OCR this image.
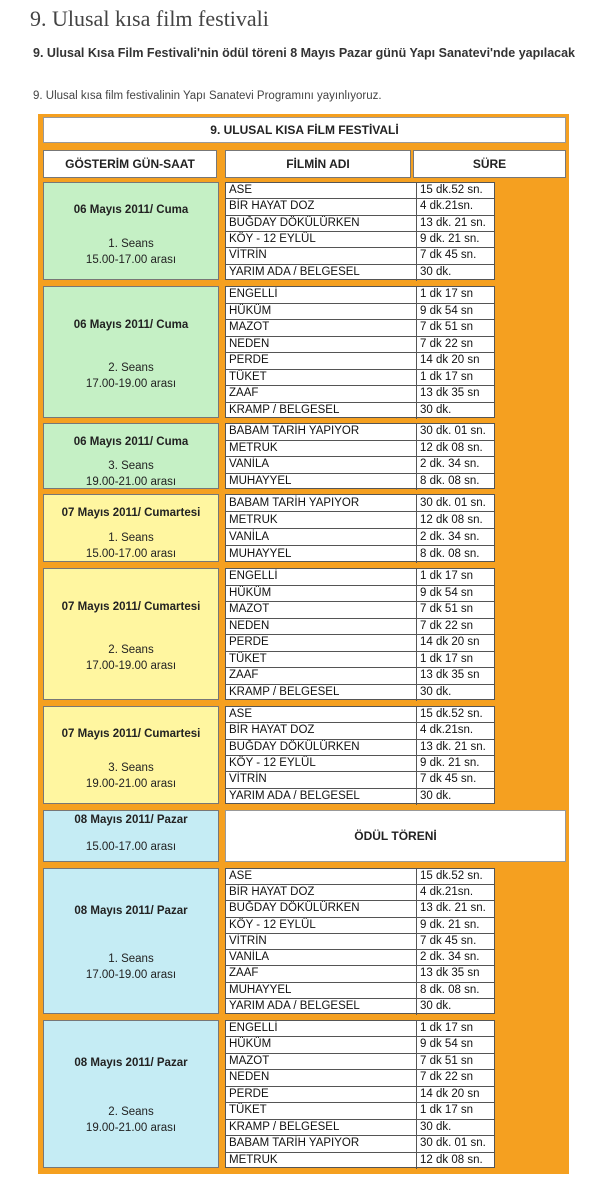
9. Ulusal kısa film festivali

9. Ulusal Kısa Film Festivali'nin ödül töreni 8 Mayıs Pazar günü Yapı Sanatevi'nde yapılacak

9. Ulusal kısa film festivalinin Yapı Sanatevi Programını yayınlıyoruz.

9. ULUSAL KISA FİLM FESTİVALİ
GÖSTERİM GÜN-SAAT	FİLMİN ADI	SÜRE
06 Mayıs 2011/ Cuma
1. Seans
15.00-17.00 arası
ASE	15 dk.52 sn.
BİR HAYAT DOZ	4 dk.21sn.
BUĞDAY DÖKÜLÜRKEN	13 dk. 21 sn.
KÖY - 12 EYLÜL	9 dk. 21 sn.
VİTRİN	7 dk 45 sn.
YARIM ADA / BELGESEL	30 dk.
06 Mayıs 2011/ Cuma
2. Seans
17.00-19.00 arası
ENGELLİ	1 dk 17 sn
HÜKÜM	9 dk 54 sn
MAZOT	7 dk 51 sn
NEDEN	7 dk 22 sn
PERDE	14 dk 20 sn
TÜKET	1 dk 17 sn
ZAAF	13 dk 35 sn
KRAMP / BELGESEL	30 dk.
06 Mayıs 2011/ Cuma
3. Seans
19.00-21.00 arası
BABAM TARİH YAPIYOR	30 dk. 01 sn.
METRUK	12 dk 08 sn.
VANİLA	2 dk. 34 sn.
MUHAYYEL	8 dk. 08 sn.
07 Mayıs 2011/ Cumartesi
1. Seans
15.00-17.00 arası
BABAM TARİH YAPIYOR	30 dk. 01 sn.
METRUK	12 dk 08 sn.
VANİLA	2 dk. 34 sn.
MUHAYYEL	8 dk. 08 sn.
07 Mayıs 2011/ Cumartesi
2. Seans
17.00-19.00 arası
ENGELLİ	1 dk 17 sn
HÜKÜM	9 dk 54 sn
MAZOT	7 dk 51 sn
NEDEN	7 dk 22 sn
PERDE	14 dk 20 sn
TÜKET	1 dk 17 sn
ZAAF	13 dk 35 sn
KRAMP / BELGESEL	30 dk.
07 Mayıs 2011/ Cumartesi
3. Seans
19.00-21.00 arası
ASE	15 dk.52 sn.
BİR HAYAT DOZ	4 dk.21sn.
BUĞDAY DÖKÜLÜRKEN	13 dk. 21 sn.
KÖY - 12 EYLÜL	9 dk. 21 sn.
VİTRİN	7 dk 45 sn.
YARIM ADA / BELGESEL	30 dk.
08 Mayıs 2011/ Pazar
15.00-17.00 arası
ÖDÜL TÖRENİ
08 Mayıs 2011/ Pazar
1. Seans
17.00-19.00 arası
ASE	15 dk.52 sn.
BİR HAYAT DOZ	4 dk.21sn.
BUĞDAY DÖKÜLÜRKEN	13 dk. 21 sn.
KÖY - 12 EYLÜL	9 dk. 21 sn.
VİTRİN	7 dk 45 sn.
VANİLA	2 dk. 34 sn.
ZAAF	13 dk 35 sn
MUHAYYEL	8 dk. 08 sn.
YARIM ADA / BELGESEL	30 dk.
08 Mayıs 2011/ Pazar
2. Seans
19.00-21.00 arası
ENGELLİ	1 dk 17 sn
HÜKÜM	9 dk 54 sn
MAZOT	7 dk 51 sn
NEDEN	7 dk 22 sn
PERDE	14 dk 20 sn
TÜKET	1 dk 17 sn
KRAMP / BELGESEL	30 dk.
BABAM TARİH YAPIYOR	30 dk. 01 sn.
METRUK	12 dk 08 sn.
